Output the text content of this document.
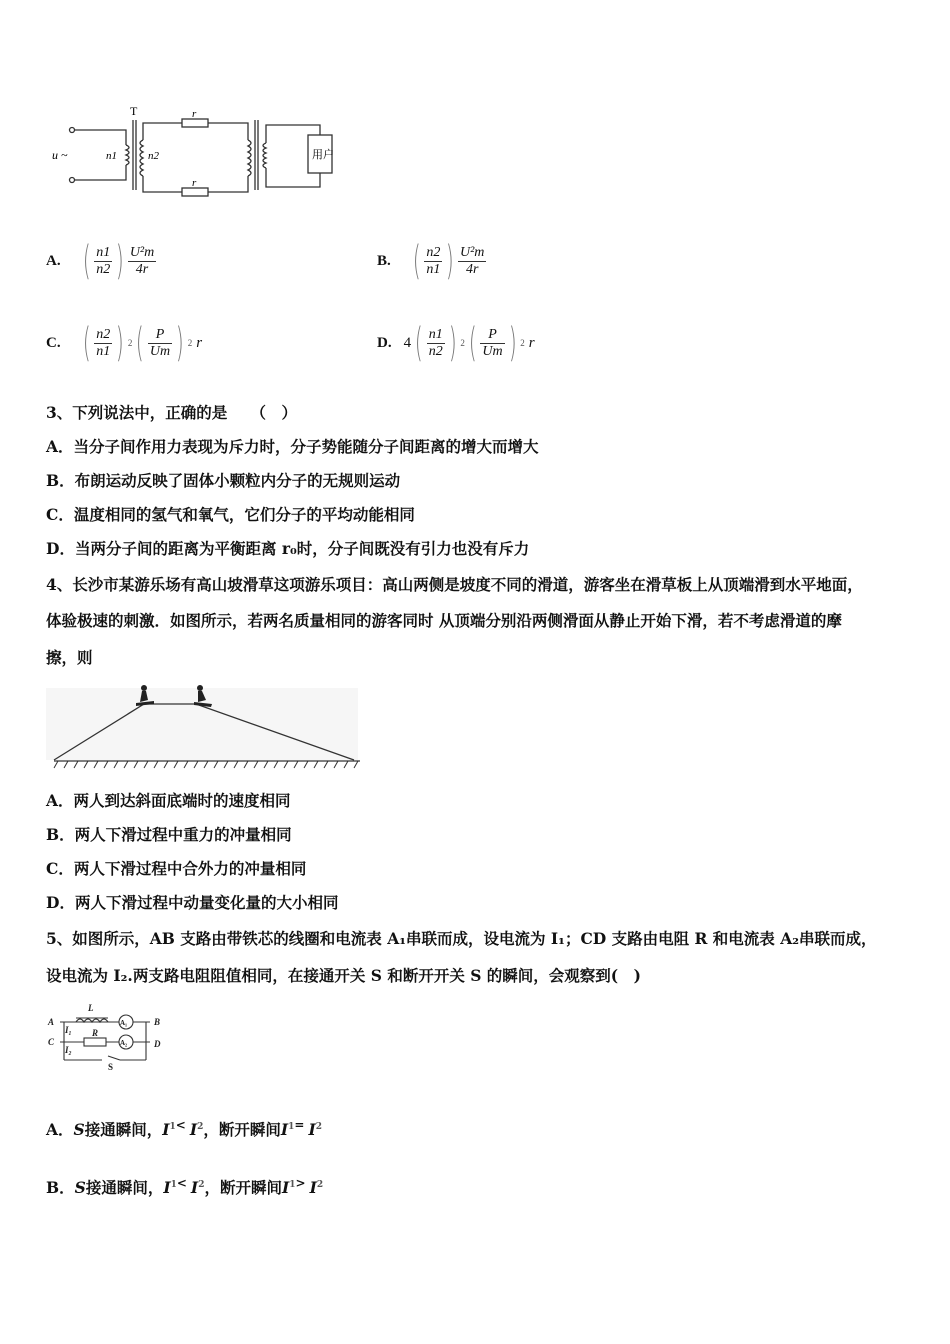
T
u ~	n1	n2
r
r
用户
A. ( $\frac{n1}{n2}$ ) $\frac{\text{U²m}}{4r}$	B. ( $\frac{n2}{n1}$ ) $\frac{\text{U²m}}{4r}$
C. ( $\frac{n2}{n1}$ ) 2 ( $\frac{P}{Um}$ ) 2 r	D. 4 ( $\frac{n1}{n2}$ ) 2 ( $\frac{P}{Um}$ ) 2 r
3、下列说法中，正确的是　　（　）
A．当分子间作用力表现为斥力时，分子势能随分子间距离的增大而增大
B．布朗运动反映了固体小颗粒内分子的无规则运动
C．温度相同的氢气和氧气，它们分子的平均动能相同
D．当两分子间的距离为平衡距离 r₀时，分子间既没有引力也没有斥力
4、长沙市某游乐场有高山坡滑草这项游乐项目：高山两侧是坡度不同的滑道，游客坐在滑草板上从顶端滑到水平地面，
体验极速的刺激．如图所示，若两名质量相同的游客同时 从顶端分别沿两侧滑面从静止开始下滑，若不考虑滑道的摩
擦，则
A．两人到达斜面底端时的速度相同
B．两人下滑过程中重力的冲量相同
C．两人下滑过程中合外力的冲量相同
D．两人下滑过程中动量变化量的大小相同
5、如图所示，AB 支路由带铁芯的线圈和电流表 A₁串联而成，设电流为 I₁；CD 支路由电阻 R 和电流表 A₂串联而成，
设电流为 I₂.两支路电阻阻值相同，在接通开关 S 和断开开关 S 的瞬间，会观察到(　)
L
A	B
C	D
R
I₁
I₂
S
A₁
A₂
A．S接通瞬间，$I^{1<}$ $I^2$，断开瞬间$I^{1=}$ $I^2$
B．S接通瞬间，$I^{1<}$ $I^2$，断开瞬间$I^{1>}$ $I^2$
